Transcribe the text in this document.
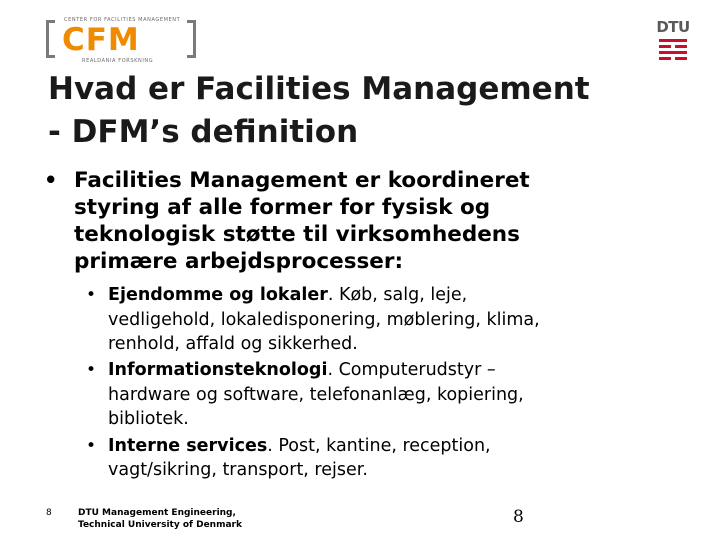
CENTER FOR FACILITIES MANAGEMENT
CFM
REALDANIA FORSKNING
DTU
Hvad er Facilities Management
- DFM’s definition
• Facilities Management er koordineret
styring af alle former for fysisk og
teknologisk støtte til virksomhedens
primære arbejdsprocesser:
• Ejendomme og lokaler. Køb, salg, leje,
vedligehold, lokaledisponering, møblering, klima,
renhold, affald og sikkerhed.
• Informationsteknologi. Computerudstyr –
hardware og software, telefonanlæg, kopiering,
bibliotek.
• Interne services. Post, kantine, reception,
vagt/sikring, transport, rejser.
8	DTU Management Engineering,
Technical University of Denmark	8
